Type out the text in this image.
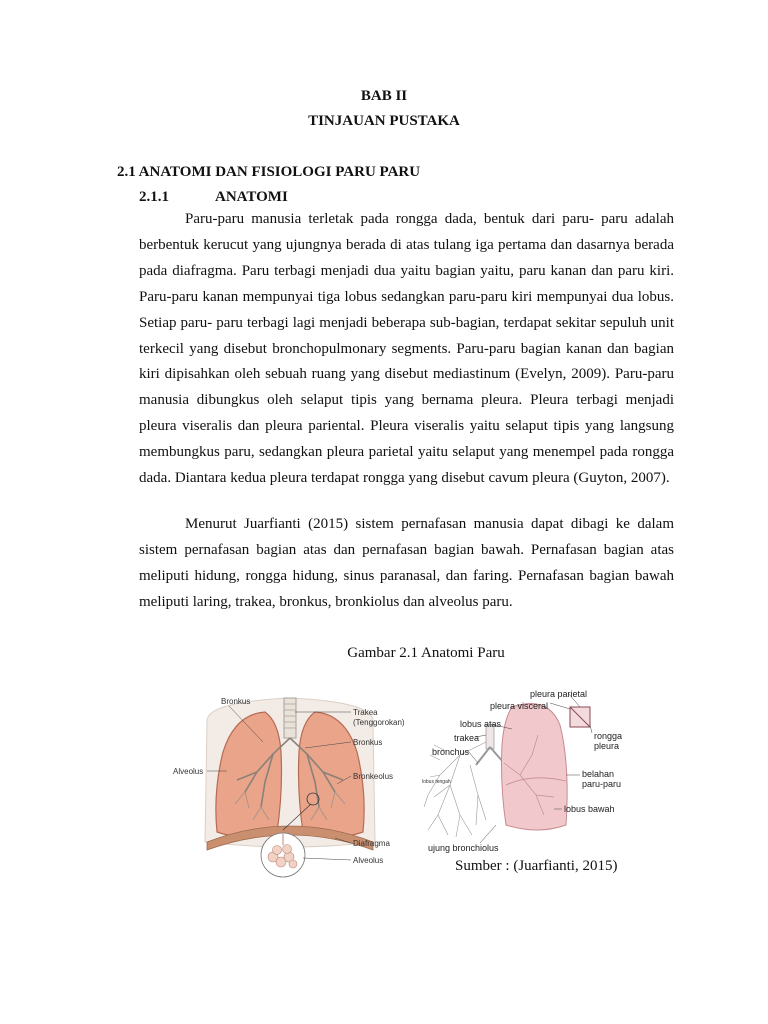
BAB II
TINJAUAN PUSTAKA
2.1 ANATOMI DAN FISIOLOGI PARU PARU
2.1.1	ANATOMI

Paru-paru manusia terletak pada rongga dada, bentuk dari paru- paru adalah berbentuk kerucut yang ujungnya berada di atas tulang iga pertama dan dasarnya berada pada diafragma. Paru terbagi menjadi dua yaitu bagian yaitu, paru kanan dan paru kiri. Paru-paru kanan mempunyai tiga lobus sedangkan paru-paru kiri mempunyai dua lobus. Setiap paru- paru terbagi lagi menjadi beberapa sub-bagian, terdapat sekitar sepuluh unit terkecil yang disebut bronchopulmonary segments. Paru-paru bagian kanan dan bagian kiri dipisahkan oleh sebuah ruang yang disebut mediastinum (Evelyn, 2009). Paru-paru manusia dibungkus oleh selaput tipis yang bernama pleura. Pleura terbagi menjadi pleura viseralis dan pleura pariental. Pleura viseralis yaitu selaput tipis yang langsung membungkus paru, sedangkan pleura parietal yaitu selaput yang menempel pada rongga dada. Diantara kedua pleura terdapat rongga yang disebut cavum pleura (Guyton, 2007).

Menurut Juarfianti (2015) sistem pernafasan manusia dapat dibagi ke dalam sistem pernafasan bagian atas dan pernafasan bagian bawah. Pernafasan bagian atas meliputi hidung, rongga hidung, sinus paranasal, dan faring. Pernafasan bagian bawah meliputi laring, trakea, bronkus, bronkiolus dan alveolus paru.

Gambar 2.1 Anatomi Paru
Bronkus
Alveolus
Trakea
(Tenggorokan)
Bronkus
Bronkeolus
Diafragma
Alveolus
pleura parietal
pleura visceral
lobus atas
trakea
bronchus
lobus tengah
rongga
pleura
belahan
paru-paru
lobus bawah
ujung bronchiolus
Sumber : (Juarfianti, 2015)
